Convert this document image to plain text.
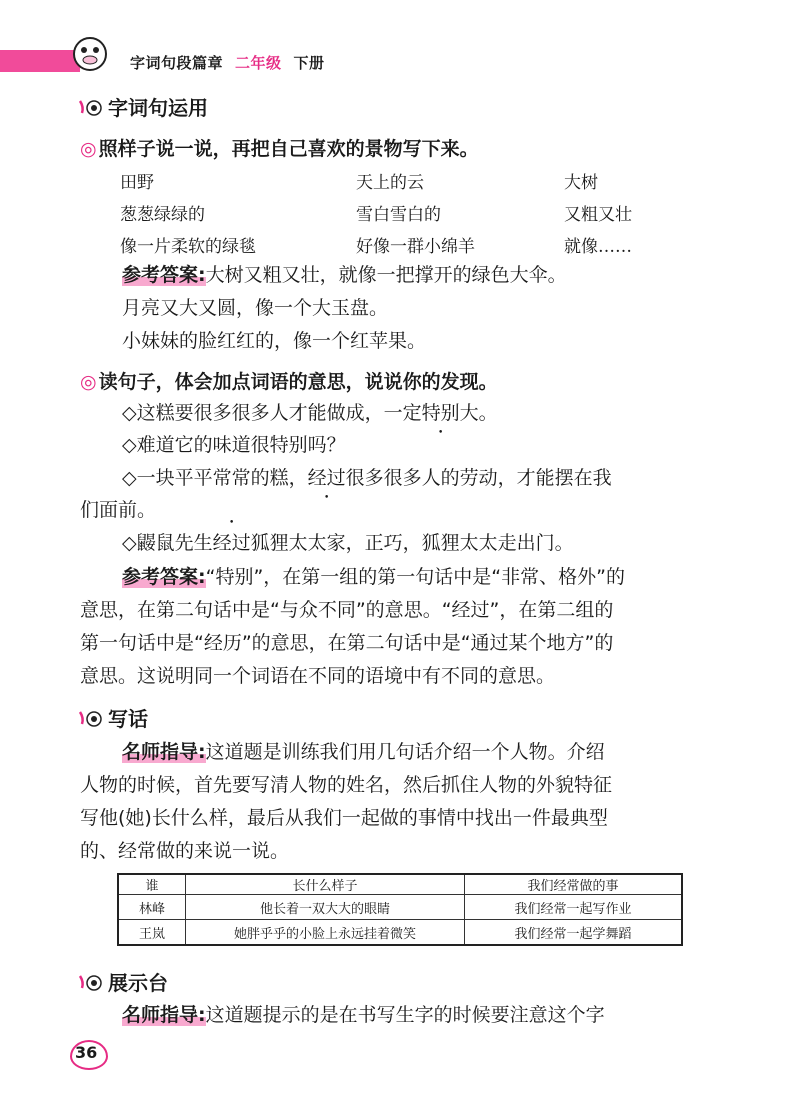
字词句段篇章 二年级 下册
字词句运用
◎ 照样子说一说，再把自己喜欢的景物写下来。
田野	天上的云	大树
葱葱绿绿的	雪白雪白的	又粗又壮
像一片柔软的绿毯	好像一群小绵羊	就像……
参考答案:大树又粗又壮，就像一把撑开的绿色大伞。
月亮又大又圆，像一个大玉盘。
小妹妹的脸红红的，像一个红苹果。
◎ 读句子，体会加点词语的意思，说说你的发现。
◇这糕要很多很多人才能做成，一定特别大。
◇难道它的味道很特别吗？
◇一块平平常常的糕，经过很多很多人的劳动，才能摆在我
们面前。
◇鼹鼠先生经过狐狸太太家，正巧，狐狸太太走出门。
参考答案:“特别”，在第一组的第一句话中是“非常、格外”的
意思，在第二句话中是“与众不同”的意思。“经过”，在第二组的
第一句话中是“经历”的意思，在第二句话中是“通过某个地方”的
意思。这说明同一个词语在不同的语境中有不同的意思。
写话
名师指导:这道题是训练我们用几句话介绍一个人物。介绍
人物的时候，首先要写清人物的姓名，然后抓住人物的外貌特征
写他(她)长什么样，最后从我们一起做的事情中找出一件最典型
的、经常做的来说一说。
谁	长什么样子	我们经常做的事
林峰	他长着一双大大的眼睛	我们经常一起写作业
王岚	她胖乎乎的小脸上永远挂着微笑	我们经常一起学舞蹈
展示台
名师指导:这道题提示的是在书写生字的时候要注意这个字
36
